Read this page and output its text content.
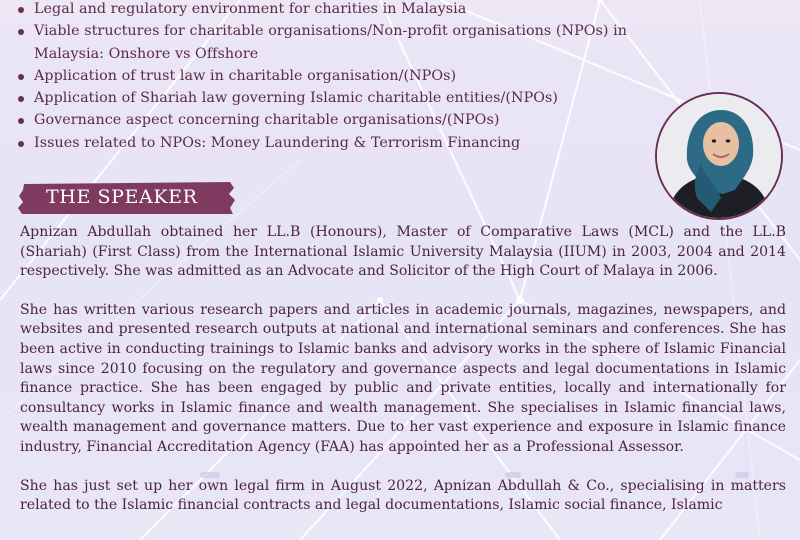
Legal and regulatory environment for charities in Malaysia
Viable structures for charitable organisations/Non-profit organisations (NPOs) in Malaysia: Onshore vs Offshore
Application of trust law in charitable organisation/(NPOs)
Application of Shariah law governing Islamic charitable entities/(NPOs)
Governance aspect concerning charitable organisations/(NPOs)
Issues related to NPOs: Money Laundering & Terrorism Financing
THE SPEAKER

Apnizan Abdullah obtained her LL.B (Honours), Master of Comparative Laws (MCL) and the LL.B (Shariah) (First Class) from the International Islamic University Malaysia (IIUM) in 2003, 2004 and 2014 respectively. She was admitted as an Advocate and Solicitor of the High Court of Malaya in 2006.

She has written various research papers and articles in academic journals, magazines, newspapers, and websites and presented research outputs at national and international seminars and conferences. She has been active in conducting trainings to Islamic banks and advisory works in the sphere of Islamic Financial laws since 2010 focusing on the regulatory and governance aspects and legal documentations in Islamic finance practice. She has been engaged by public and private entities, locally and internationally for consultancy works in Islamic finance and wealth management. She specialises in Islamic financial laws, wealth management and governance matters. Due to her vast experience and exposure in Islamic finance industry, Financial Accreditation Agency (FAA) has appointed her as a Professional Assessor.

She has just set up her own legal firm in August 2022, Apnizan Abdullah & Co., specialising in matters related to the Islamic financial contracts and legal documentations, Islamic social finance, Islamic
